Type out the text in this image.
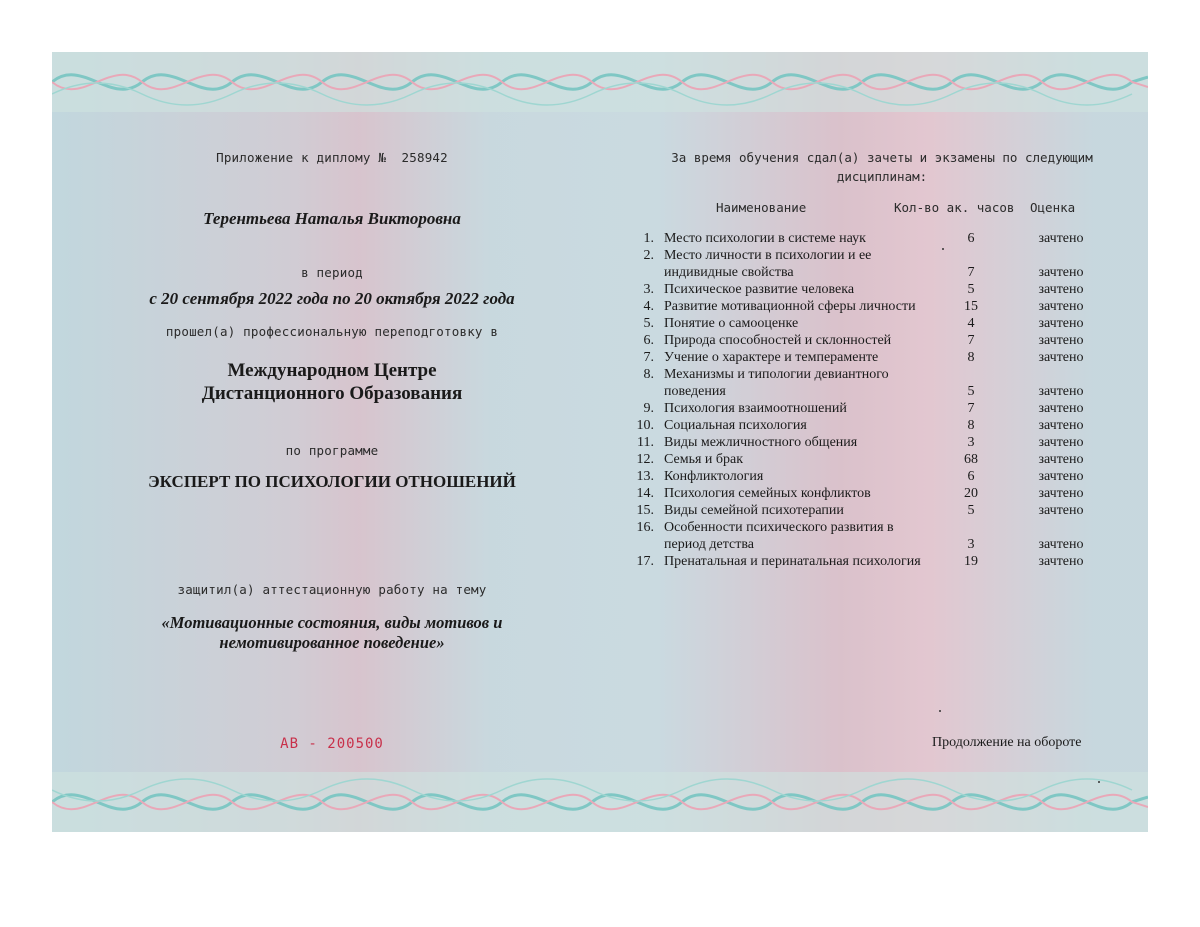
Приложение к диплому № 258942
Терентьева Наталья Викторовна
в период
с 20 сентября 2022 года по 20 октября 2022 года
прошел(а) профессиональную переподготовку в
Международном Центре
Дистанционного Образования
по программе
ЭКСПЕРТ ПО ПСИХОЛОГИИ ОТНОШЕНИЙ
защитил(а) аттестационную работу на тему
«Мотивационные состояния, виды мотивов и
немотивированное поведение»
АВ - 200500
За время обучения сдал(а) зачеты и экзамены по следующим
дисциплинам:
Наименование	Кол-во ак. часов Оценка
1.	Место психологии в системе наук	6	зачтено
2.	Место личности в психологии и ее индивидные свойства	7	зачтено
3.	Психическое развитие человека	5	зачтено
4.	Развитие мотивационной сферы личности	15	зачтено
5.	Понятие о самооценке	4	зачтено
6.	Природа способностей и склонностей	7	зачтено
7.	Учение о характере и темпераменте	8	зачтено
8.	Механизмы и типологии девиантного поведения	5	зачтено
9.	Психология взаимоотношений	7	зачтено
10.	Социальная психология	8	зачтено
11.	Виды межличностного общения	3	зачтено
12.	Семья и брак	68	зачтено
13.	Конфликтология	6	зачтено
14.	Психология семейных конфликтов	20	зачтено
15.	Виды семейной психотерапии	5	зачтено
16.	Особенности психического развития в период детства	3	зачтено
17.	Пренатальная и перинатальная психология	19	зачтено
Продолжение на обороте
